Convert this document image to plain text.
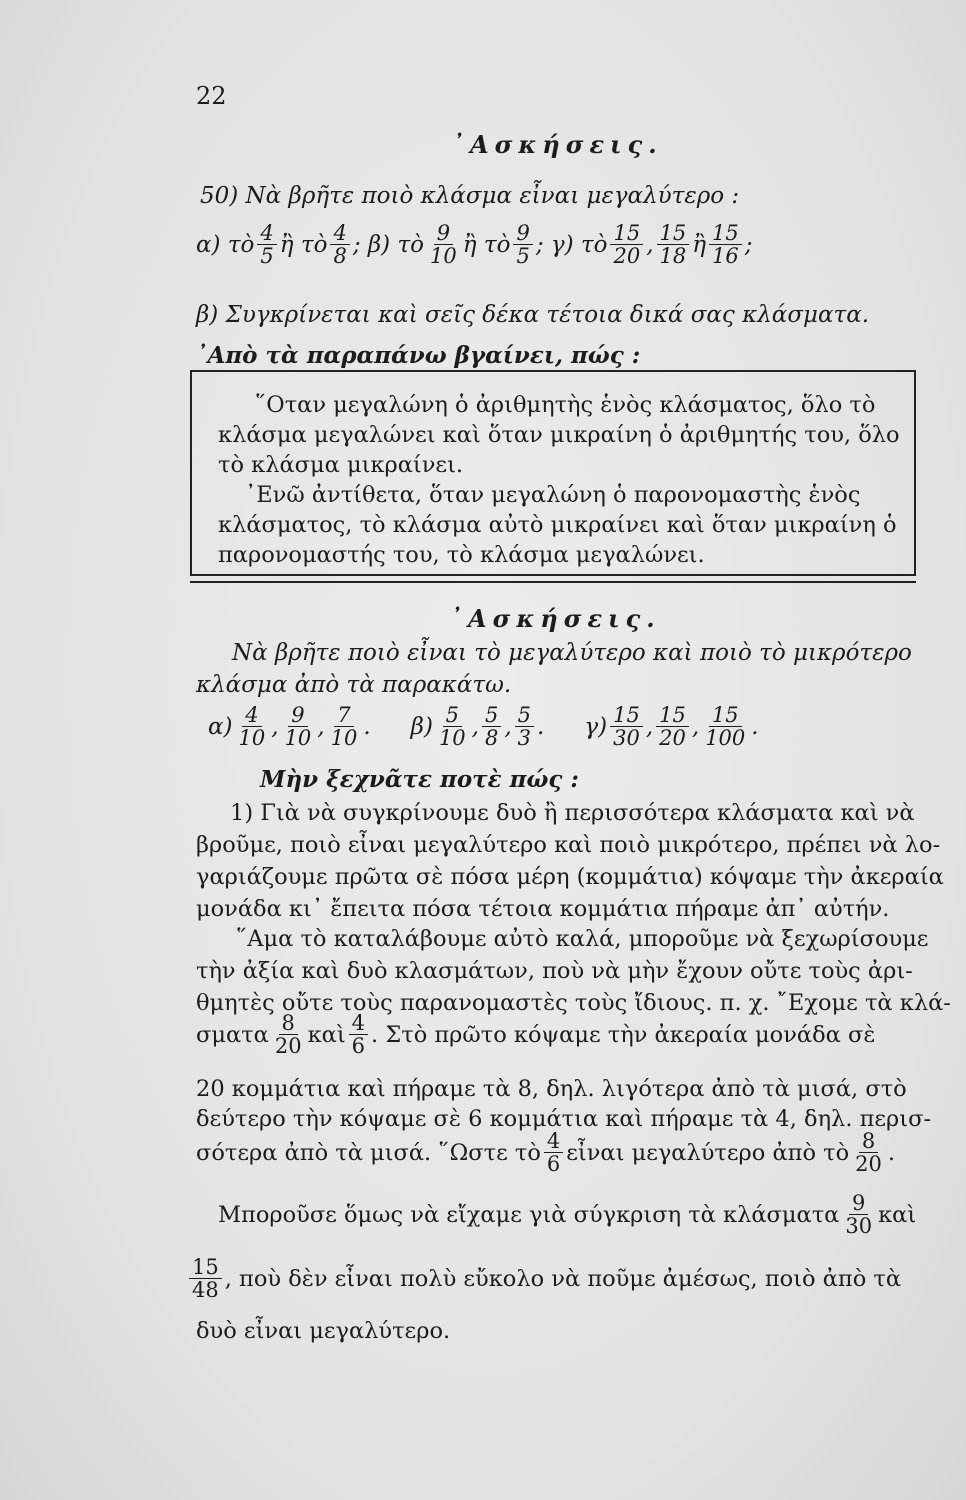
22
᾿Ασκήσεις.
50) Νὰ βρῆτε ποιὸ κλάσμα εἶναι μεγαλύτερο :
α) τὸ $\frac{4}{5}$ ἢ τὸ $\frac{4}{8}$ ; β) τὸ $\frac{9}{10}$ ἢ τὸ $\frac{9}{5}$ ; γ) τὸ $\frac{15}{20}$ , $\frac{15}{18}$ ἢ $\frac{15}{16}$ ;
β) Συγκρίνεται καὶ σεῖς δέκα τέτοια δικά σας κλάσματα.
᾿Απὸ τὰ παραπάνω βγαίνει, πώς :
῞Οταν μεγαλώνη ὁ ἀριθμητὴς ἑνὸς κλάσματος, ὅλο τὸ
κλάσμα μεγαλώνει καὶ ὅταν μικραίνη ὁ ἀριθμητής του, ὅλο
τὸ κλάσμα μικραίνει.
᾿Ενῶ ἀντίθετα, ὅταν μεγαλώνη ὁ παρονομαστὴς ἑνὸς
κλάσματος, τὸ κλάσμα αὐτὸ μικραίνει καὶ ὅταν μικραίνη ὁ
παρονομαστής του, τὸ κλάσμα μεγαλώνει.
᾿Ασκήσεις.
Νὰ βρῆτε ποιὸ εἶναι τὸ μεγαλύτερο καὶ ποιὸ τὸ μικρότερο
κλάσμα ἀπὸ τὰ παρακάτω.
$\alpha) \frac{4}{10}$ , $\frac{9}{10}$ , $\frac{7}{10}$ . $\beta) \frac{5}{10}$ , $\frac{5}{8}$ , $\frac{5}{3}$ . $\gamma) \frac{15}{30}$ , $\frac{15}{20}$ , $\frac{15}{100}$ .
Μὴν ξεχνᾶτε ποτὲ πώς :
1) Γιὰ νὰ συγκρίνουμε δυὸ ἢ περισσότερα κλάσματα καὶ νὰ
βροῦμε, ποιὸ εἶναι μεγαλύτερο καὶ ποιὸ μικρότερο, πρέπει νὰ λο-
γαριάζουμε πρῶτα σὲ πόσα μέρη (κομμάτια) κόψαμε τὴν ἀκεραία
μονάδα κι᾿ ἔπειτα πόσα τέτοια κομμάτια πήραμε ἀπ᾿ αὐτήν.
῞Αμα τὸ καταλάβουμε αὐτὸ καλά, μποροῦμε νὰ ξεχωρίσουμε
τὴν ἀξία καὶ δυὸ κλασμάτων, ποὺ νὰ μὴν ἔχουν οὔτε τοὺς ἀρι-
θμητὲς οὔτε τοὺς παρανομαστὲς τοὺς ἴδιους. π. χ. ῎Εχομε τὰ κλά-
σματα $\frac{8}{20}$ καὶ $\frac{4}{6}$ . Στὸ πρῶτο κόψαμε τὴν ἀκεραία μονάδα σὲ
20 κομμάτια καὶ πήραμε τὰ 8, δηλ. λιγότερα ἀπὸ τὰ μισά, στὸ
δεύτερο τὴν κόψαμε σὲ 6 κομμάτια καὶ πήραμε τὰ 4, δηλ. περισ-
σότερα ἀπὸ τὰ μισά. ῞Ωστε τὸ $\frac{4}{6}$ εἶναι μεγαλύτερο ἀπὸ τὸ $\frac{8}{20}$ .
Μποροῦσε ὅμως νὰ εἴχαμε γιὰ σύγκριση τὰ κλάσματα $\frac{9}{30}$ καὶ
$\frac{15}{48}$ , ποὺ δὲν εἶναι πολὺ εὔκολο νὰ ποῦμε ἀμέσως, ποιὸ ἀπὸ τὰ
δυὸ εἶναι μεγαλύτερο.
